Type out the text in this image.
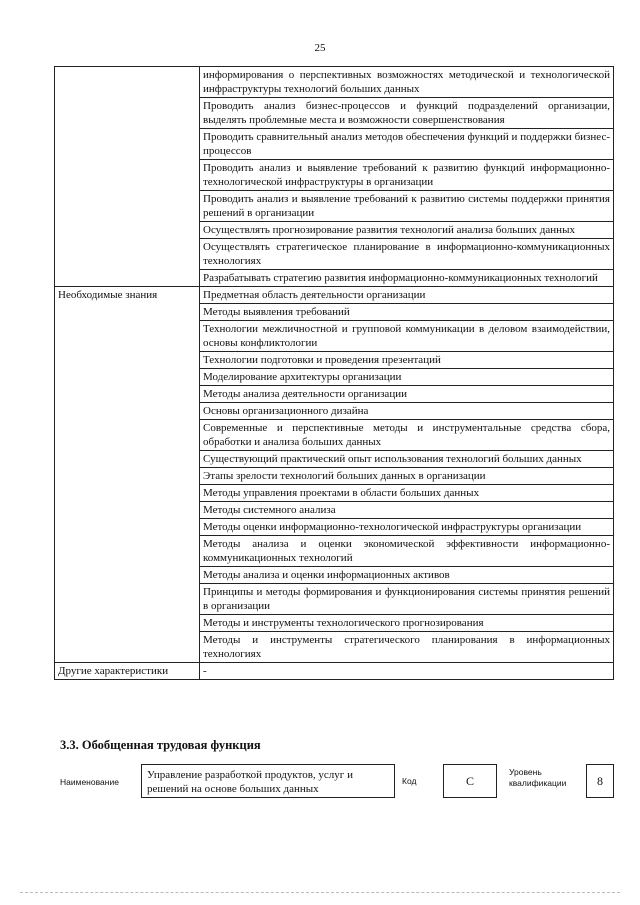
25
	информирования о перспективных возможностях методической и технологической инфраструктуры технологий больших данных
	Проводить анализ бизнес-процессов и функций подразделений организации, выделять проблемные места и возможности совершенствования
	Проводить сравнительный анализ методов обеспечения функций и поддержки бизнес-процессов
	Проводить анализ и выявление требований к развитию функций информационно-технологической инфраструктуры в организации
	Проводить анализ и выявление требований к развитию системы поддержки принятия решений в организации
	Осуществлять прогнозирование развития технологий анализа больших данных
	Осуществлять стратегическое планирование в информационно-коммуникационных технологиях
	Разрабатывать стратегию развития информационно-коммуникационных технологий
Необходимые знания	Предметная область деятельности организации
	Методы выявления требований
	Технологии межличностной и групповой коммуникации в деловом взаимодействии, основы конфликтологии
	Технологии подготовки и проведения презентаций
	Моделирование архитектуры организации
	Методы анализа деятельности организации
	Основы организационного дизайна
	Современные и перспективные методы и инструментальные средства сбора, обработки и анализа больших данных
	Существующий практический опыт использования технологий больших данных
	Этапы зрелости технологий больших данных в организации
	Методы управления проектами в области больших данных
	Методы системного анализа
	Методы оценки информационно-технологической инфраструктуры организации
	Методы анализа и оценки экономической эффективности информационно-коммуникационных технологий
	Методы анализа и оценки информационных активов
	Принципы и методы формирования и функционирования системы принятия решений в организации
	Методы и инструменты технологического прогнозирования
	Методы и инструменты стратегического планирования в информационных технологиях
Другие характеристики	-
3.3. Обобщенная трудовая функция
Наименование
Управление разработкой продуктов, услуг и решений на основе больших данных
Код	C
Уровень квалификации	8
